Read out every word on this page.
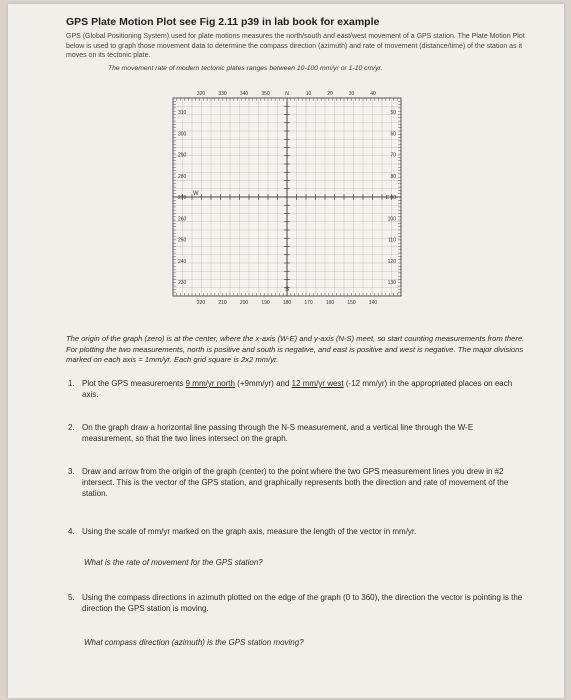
GPS Plate Motion Plot see Fig 2.11 p39 in lab book for example
GPS (Global Positioning System) used for plate motions measures the north/south and east/west movement of a GPS station. The Plate Motion Plot below is used to graph those movement data to determine the compass direction (azimuth) and rate of movement (distance/time) of the station as it moves on its tectonic plate.
The movement rate of modern tectonic plates ranges between 10-100 mm/yr or 1-10 cm/yr.
320	330	340	350	N	10	20	30	40
220	210	200	190	180	170	160	150	140
310
300
290
280
270
260
250
240
230
50
60
70
80
E 90
100
110
120
130
W
S
The origin of the graph (zero) is at the center, where the x-axis (W-E) and y-axis (N-S) meet, so start counting measurements from there. For plotting the two measurements, north is positive and south is negative, and east is positive and west is negative. The major divisions marked on each axis = 1mm/yr. Each grid square is 2x2 mm/yr.
1. Plot the GPS measurements 9 mm/yr north (+9mm/yr) and 12 mm/yr west (-12 mm/yr) in the appropriated places on each axis.
2. On the graph draw a horizontal line passing through the N-S measurement, and a vertical line through the W-E measurement, so that the two lines intersect on the graph.
3. Draw and arrow from the origin of the graph (center) to the point where the two GPS measurement lines you drew in #2 intersect. This is the vector of the GPS station, and graphically represents both the direction and rate of movement of the station.
4. Using the scale of mm/yr marked on the graph axis, measure the length of the vector in mm/yr.
What is the rate of movement for the GPS station?
5. Using the compass directions in azimuth plotted on the edge of the graph (0 to 360), the direction the vector is pointing is the direction the GPS station is moving.
What compass direction (azimuth) is the GPS station moving?
